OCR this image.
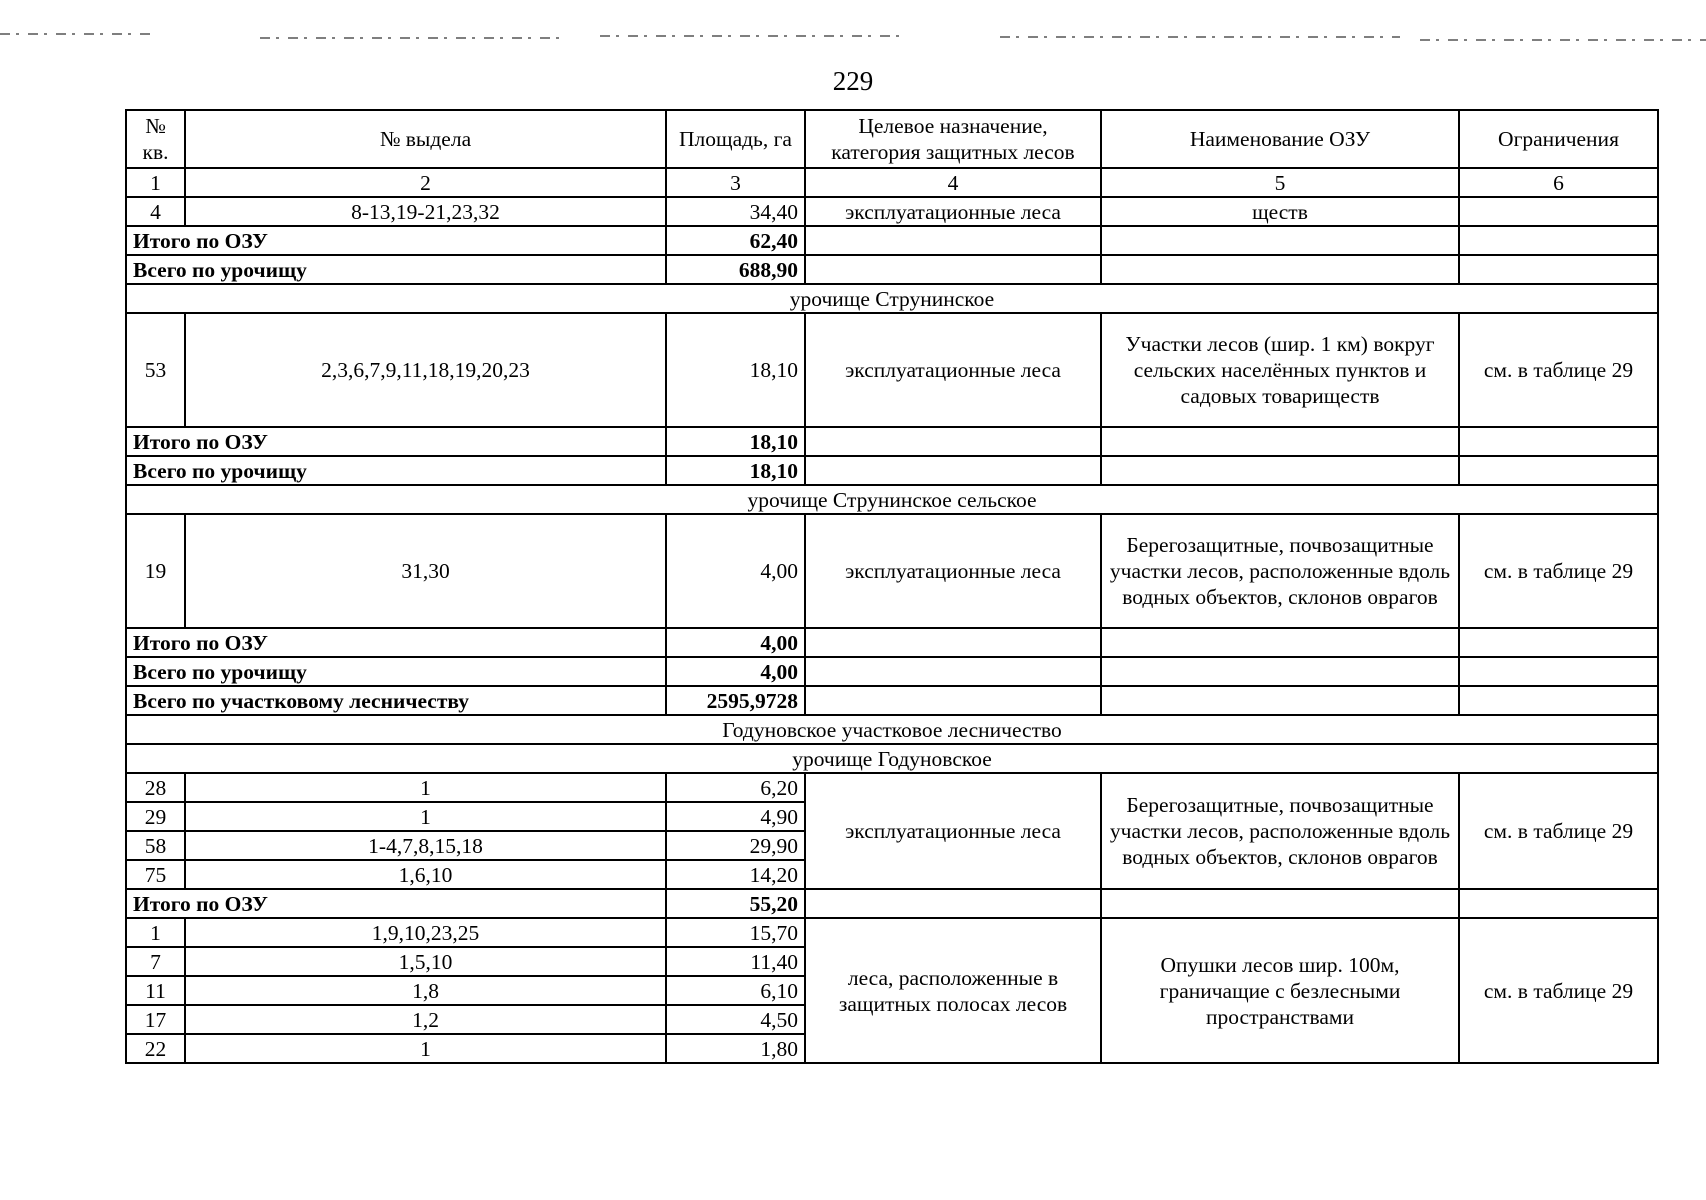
229
№ кв.	№ выдела	Площадь, га	Целевое назначение, категория защитных лесов	Наименование ОЗУ	Ограничения
1	2	3	4	5	6
4	8-13,19-21,23,32	34,40	эксплуатационные леса	ществ	
Итого по ОЗУ		62,40			
Всего по урочищу		688,90			
урочище Струнинское					
53	2,3,6,7,9,11,18,19,20,23	18,10	эксплуатационные леса	Участки лесов (шир. 1 км) вокруг сельских населённых пунктов и садовых товариществ	см. в таблице 29
Итого по ОЗУ		18,10			
Всего по урочищу		18,10			
урочище Струнинское сельское					
19	31,30	4,00	эксплуатационные леса	Берегозащитные, почвозащитные участки лесов, расположенные вдоль водных объектов, склонов оврагов	см. в таблице 29
Итого по ОЗУ		4,00			
Всего по урочищу		4,00			
Всего по участковому лесничеству		2595,9728			
Годуновское участковое лесничество					
урочище Годуновское					
28	1	6,20	эксплуатационные леса	Берегозащитные, почвозащитные участки лесов, расположенные вдоль водных объектов, склонов оврагов	см. в таблице 29
29	1	4,90			
58	1-4,7,8,15,18	29,90			
75	1,6,10	14,20			
Итого по ОЗУ		55,20			
1	1,9,10,23,25	15,70	леса, расположенные в защитных полосах лесов	Опушки лесов шир. 100м, граничащие с безлесными пространствами	см. в таблице 29
7	1,5,10	11,40			
11	1,8	6,10			
17	1,2	4,50			
22	1	1,80			
